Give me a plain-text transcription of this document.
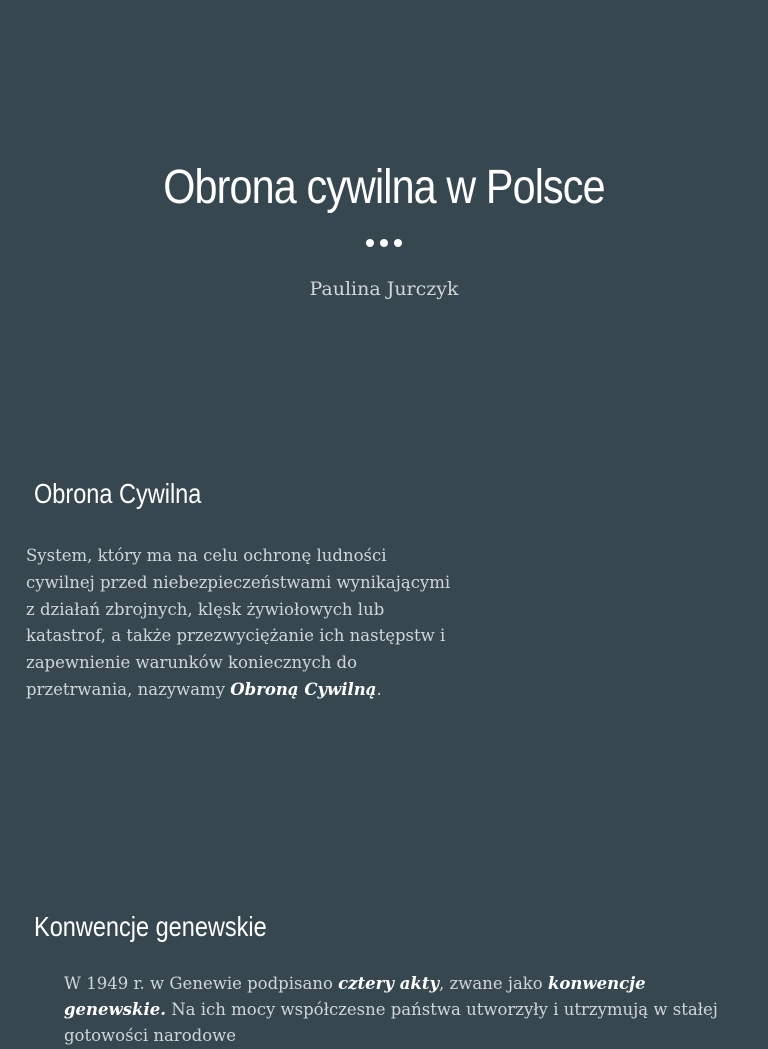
Obrona cywilna w Polsce
Paulina Jurczyk
Obrona Cywilna

System, który ma na celu ochronę ludności cywilnej przed niebezpieczeństwami wynikającymi z działań zbrojnych, klęsk żywiołowych lub katastrof, a także przezwyciężanie ich następstw i zapewnienie warunków koniecznych do przetrwania, nazywamy Obroną Cywilną.

Konwencje genewskie

W 1949 r. w Genewie podpisano cztery akty, zwane jako konwencje genewskie. Na ich mocy współczesne państwa utworzyły i utrzymują w stałej gotowości narodowe
